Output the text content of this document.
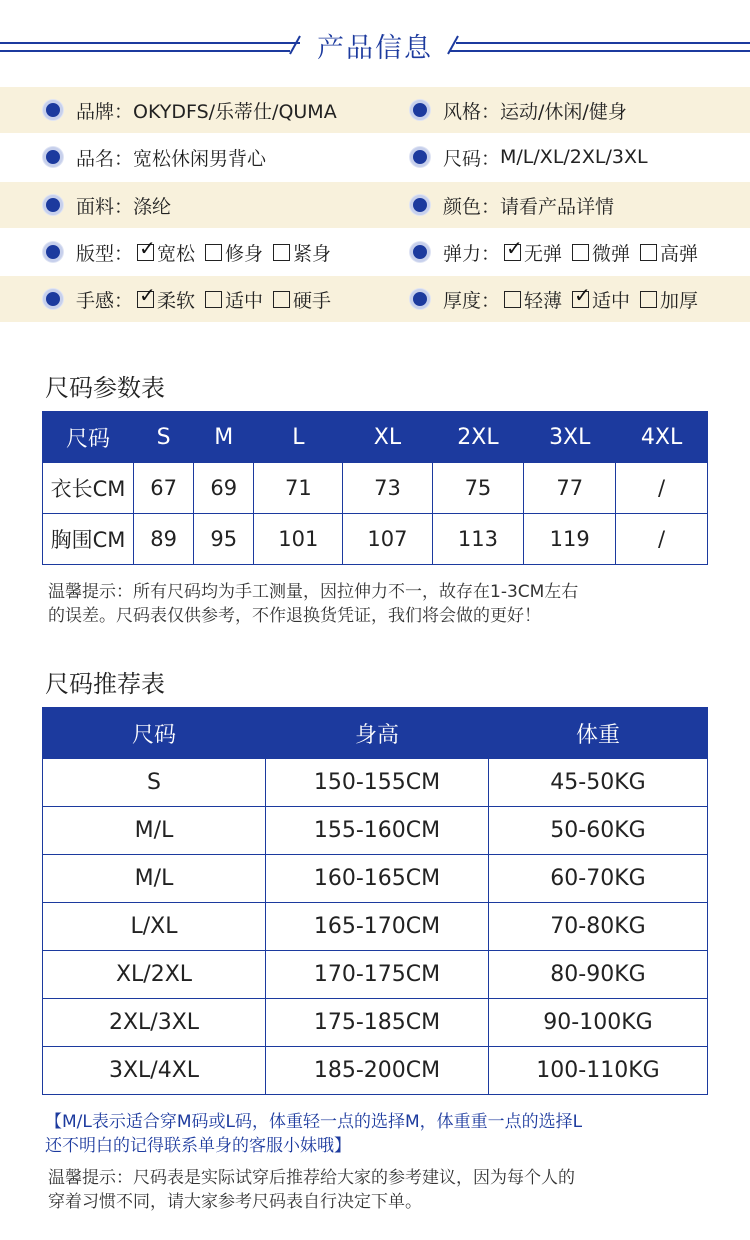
产品信息
品牌： OKYDFS/乐蒂仕/QUMA	风格： 运动/休闲/健身
品名： 宽松休闲男背心	尺码： M/L/XL/2XL/3XL
面料： 涤纶	颜色： 请看产品详情
版型： ✓ 宽松 修身 紧身	弹力： ✓ 无弹 微弹 高弹
手感： ✓ 柔软 适中 硬手	厚度： 轻薄 ✓ 适中 加厚
尺码参数表
尺码	S	M	L	XL	2XL	3XL	4XL
衣长CM	67	69	71	73	75	77	/
胸围CM	89	95	101	107	113	119	/
温馨提示：所有尺码均为手工测量，因拉伸力不一，故存在1-3CM左右
的误差。尺码表仅供参考，不作退换货凭证，我们将会做的更好！
尺码推荐表
尺码	身高	体重
S	150-155CM	45-50KG
M/L	155-160CM	50-60KG
M/L	160-165CM	60-70KG
L/XL	165-170CM	70-80KG
XL/2XL	170-175CM	80-90KG
2XL/3XL	175-185CM	90-100KG
3XL/4XL	185-200CM	100-110KG
【M/L表示适合穿M码或L码，体重轻一点的选择M，体重重一点的选择L
还不明白的记得联系单身的客服小妹哦】
温馨提示：尺码表是实际试穿后推荐给大家的参考建议，因为每个人的
穿着习惯不同，请大家参考尺码表自行决定下单。
